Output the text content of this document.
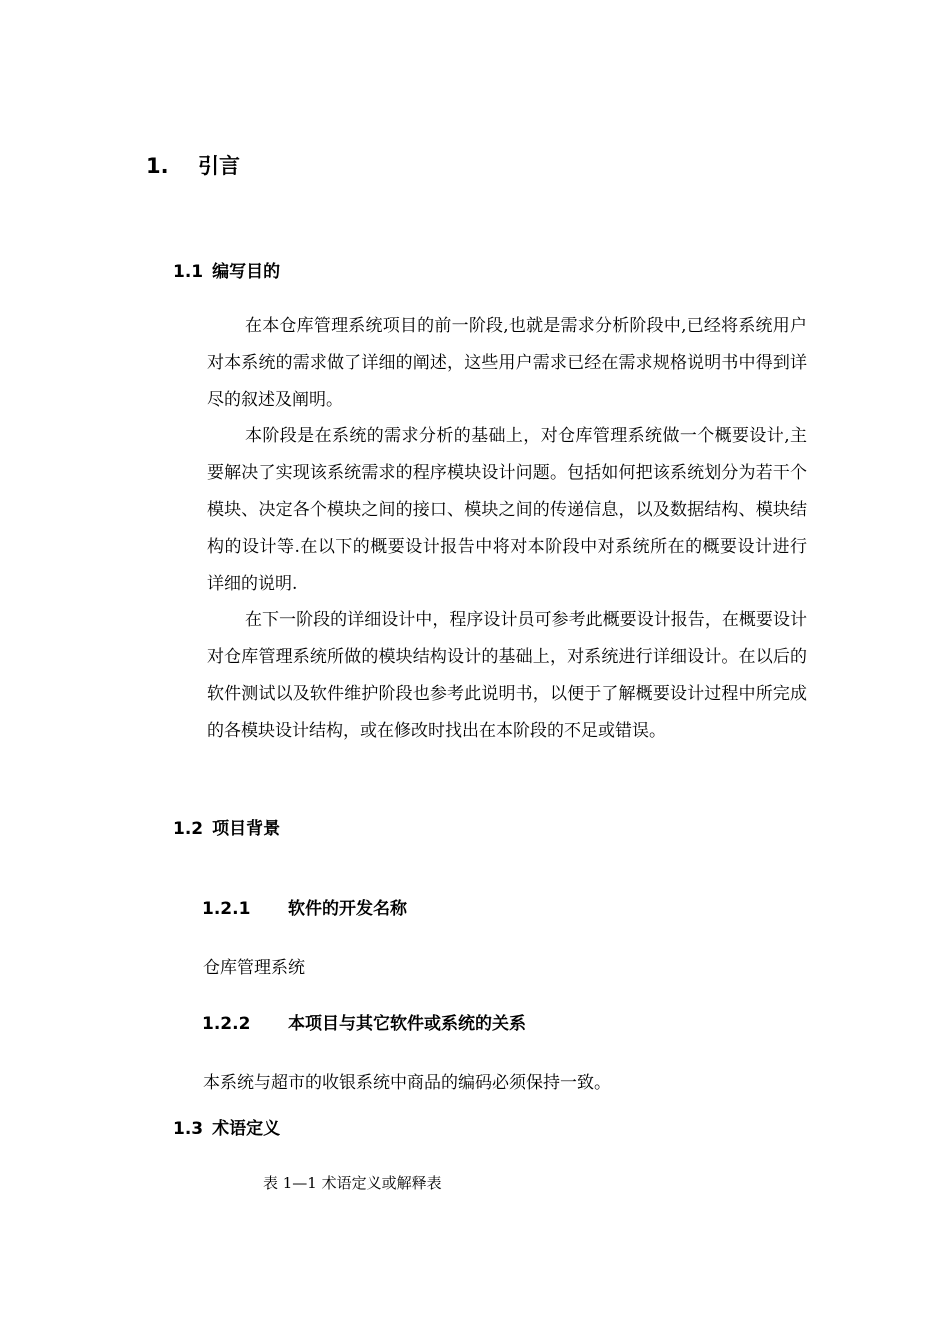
1. 引言
1.1 编写目的

在本仓库管理系统项目的前一阶段,也就是需求分析阶段中,已经将系统用户对本系统的需求做了详细的阐述，这些用户需求已经在需求规格说明书中得到详尽的叙述及阐明。

本阶段是在系统的需求分析的基础上，对仓库管理系统做一个概要设计,主要解决了实现该系统需求的程序模块设计问题。包括如何把该系统划分为若干个模块、决定各个模块之间的接口、模块之间的传递信息，以及数据结构、模块结构的设计等.在以下的概要设计报告中将对本阶段中对系统所在的概要设计进行详细的说明.

在下一阶段的详细设计中，程序设计员可参考此概要设计报告，在概要设计对仓库管理系统所做的模块结构设计的基础上，对系统进行详细设计。在以后的软件测试以及软件维护阶段也参考此说明书，以便于了解概要设计过程中所完成的各模块设计结构，或在修改时找出在本阶段的不足或错误。

1.2 项目背景
1.2.1 软件的开发名称
仓库管理系统
1.2.2 本项目与其它软件或系统的关系
本系统与超市的收银系统中商品的编码必须保持一致。
1.3 术语定义
表 1—1 术语定义或解释表
